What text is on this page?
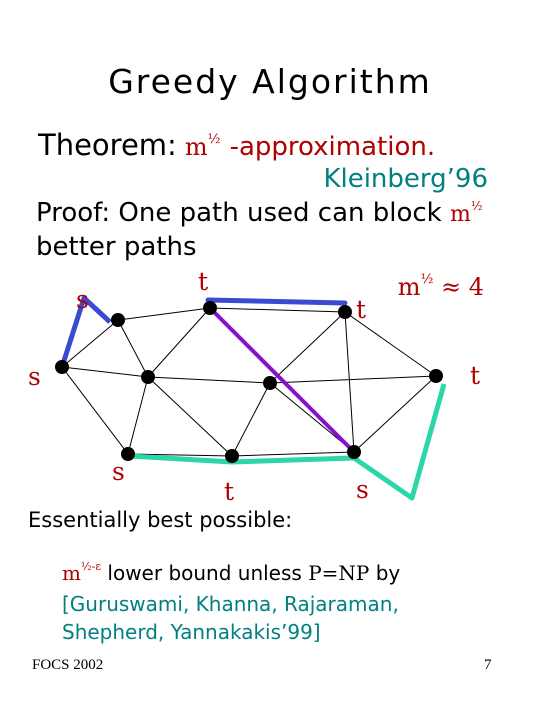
Greedy Algorithm
Theorem: $m^{\frac{1}{2}}$ -approximation.
Kleinberg’96
Proof: One path used can block $m^{\frac{1}{2}}$
better paths
$m^{\frac{1}{2}} \approx 4$
s
t
t
s	t
s
t	s
Essentially best possible:
$m^{\frac{1}{2}-\varepsilon}$ lower bound unless P=NP by
[Guruswami, Khanna, Rajaraman,
Shepherd, Yannakakis’99]
FOCS 2002	7
